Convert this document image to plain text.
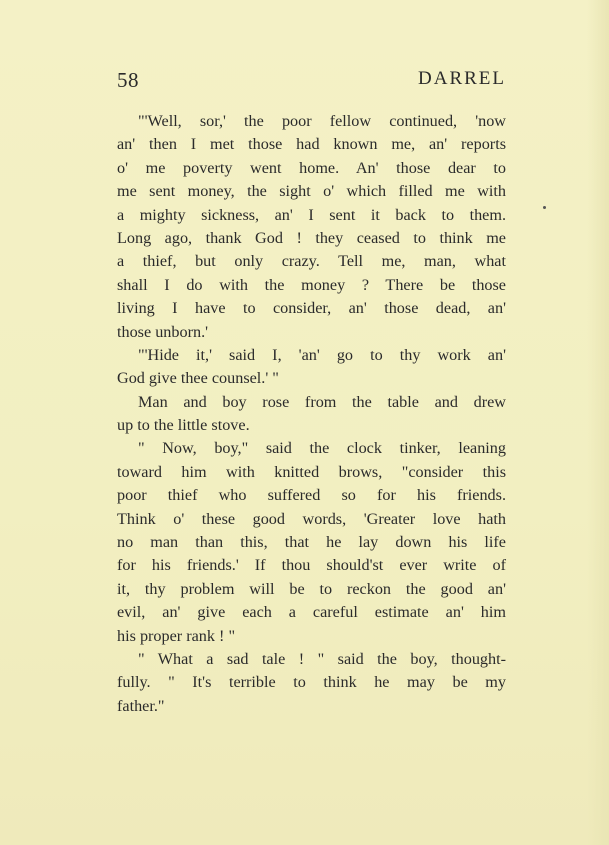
58	DARREL
"'Well, sor,' the poor fellow continued, 'now
an' then I met those had known me, an' reports
o' me poverty went home. An' those dear to
me sent money, the sight o' which filled me with
a mighty sickness, an' I sent it back to them.
Long ago, thank God ! they ceased to think me
a thief, but only crazy. Tell me, man, what
shall I do with the money ? There be those
living I have to consider, an' those dead, an'
those unborn.'
"'Hide it,' said I, 'an' go to thy work an'
God give thee counsel.' "
Man and boy rose from the table and drew
up to the little stove.
" Now, boy," said the clock tinker, leaning
toward him with knitted brows, "consider this
poor thief who suffered so for his friends.
Think o' these good words, 'Greater love hath
no man than this, that he lay down his life
for his friends.' If thou should'st ever write of
it, thy problem will be to reckon the good an'
evil, an' give each a careful estimate an' him
his proper rank ! "
" What a sad tale ! " said the boy, thought-
fully. " It's terrible to think he may be my
father."
